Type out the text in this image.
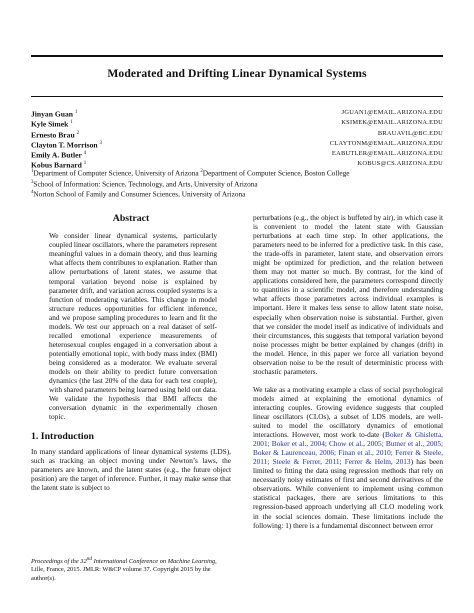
Moderated and Drifting Linear Dynamical Systems
Jinyan Guan $^1$	JGUAN1@EMAIL.ARIZONA.EDU
Kyle Simek $^1$	KSIMEK@EMAIL.ARIZONA.EDU
Ernesto Brau $^2$	BRAUAVIL@BC.EDU
Clayton T. Morrison $^3$	CLAYTONM@EMAIL.ARIZONA.EDU
Emily A. Butler $^4$	EABUTLER@EMAIL.ARIZONA.EDU
Kobus Barnard $^1$	KOBUS@CS.ARIZONA.EDU
$^1$Department of Computer Science, University of Arizona $^2$Department of Computer Science, Boston College
$^3$School of Information: Science, Technology, and Arts, University of Arizona
$^4$Norton School of Family and Consumer Sciences, University of Arizona
Abstract

We consider linear dynamical systems, particularly coupled linear oscillators, where the parameters represent meaningful values in a domain theory, and thus learning what affects them contributes to explanation. Rather than allow perturbations of latent states, we assume that temporal variation beyond noise is explained by parameter drift, and variation across coupled systems is a function of moderating variables. This change in model structure reduces opportunities for efficient inference, and we propose sampling procedures to learn and fit the models. We test our approach on a real dataset of self-recalled emotional experience measurements of heterosexual couples engaged in a conversation about a potentially emotional topic, with body mass index (BMI) being considered as a moderator. We evaluate several models on their ability to predict future conversation dynamics (the last 20% of the data for each test couple), with shared parameters being learned using held out data. We validate the hypothesis that BMI affects the conversation dynamic in the experimentally chosen topic.

1. Introduction

In many standard applications of linear dynamical systems (LDS), such as tracking an object moving under Newton’s laws, the parameters are known, and the latent states (e.g., the future object position) are the target of inference. Further, it may make sense that the latent state is subject to

Proceedings of the 32nd International Conference on Machine Learning, Lille, France, 2015. JMLR: W&CP volume 37. Copyright 2015 by the author(s).

perturbations (e.g., the object is buffeted by air), in which case it is convenient to model the latent state with Gaussian perturbations at each time step. In other applications, the parameters need to be inferred for a predictive task. In this case, the trade-offs in parameter, latent state, and observation errors might be optimized for prediction, and the relation between them may not matter so much. By contrast, for the kind of applications considered here, the parameters correspond directly to quantities in a scientific model, and therefore understanding what affects those parameters across individual examples is important. Here it makes less sense to allow latent state noise, especially when observation noise is substantial. Further, given that we consider the model itself as indicative of individuals and their circumstances, this suggests that temporal variation beyond noise processes might be better explained by changes (drift) in the model. Hence, in this paper we force all variation beyond observation noise to be the result of deterministic process with stochastic parameters.

We take as a motivating example a class of social psychological models aimed at explaining the emotional dynamics of interacting couples. Growing evidence suggests that coupled linear oscillators (CLOs), a subset of LDS models, are well-suited to model the oscillatory dynamics of emotional interactions. However, most work to-date (Boker & Ghisletta, 2001; Boker et al., 2004; Chow et al., 2005; Butner et al., 2005; Boker & Laurenceau, 2006; Finan et al., 2010; Ferrer & Steele, 2011; Steele & Ferrer, 2011; Ferrer & Helm, 2013) has been limited to fitting the data using regression methods that rely on necessarily noisy estimates of first and second derivatives of the observations. While convenient to implement using common statistical packages, there are serious limitations to this regression-based approach underlying all CLO modeling work in the social sciences domain. These limitations include the following: 1) there is a fundamental disconnect between error
